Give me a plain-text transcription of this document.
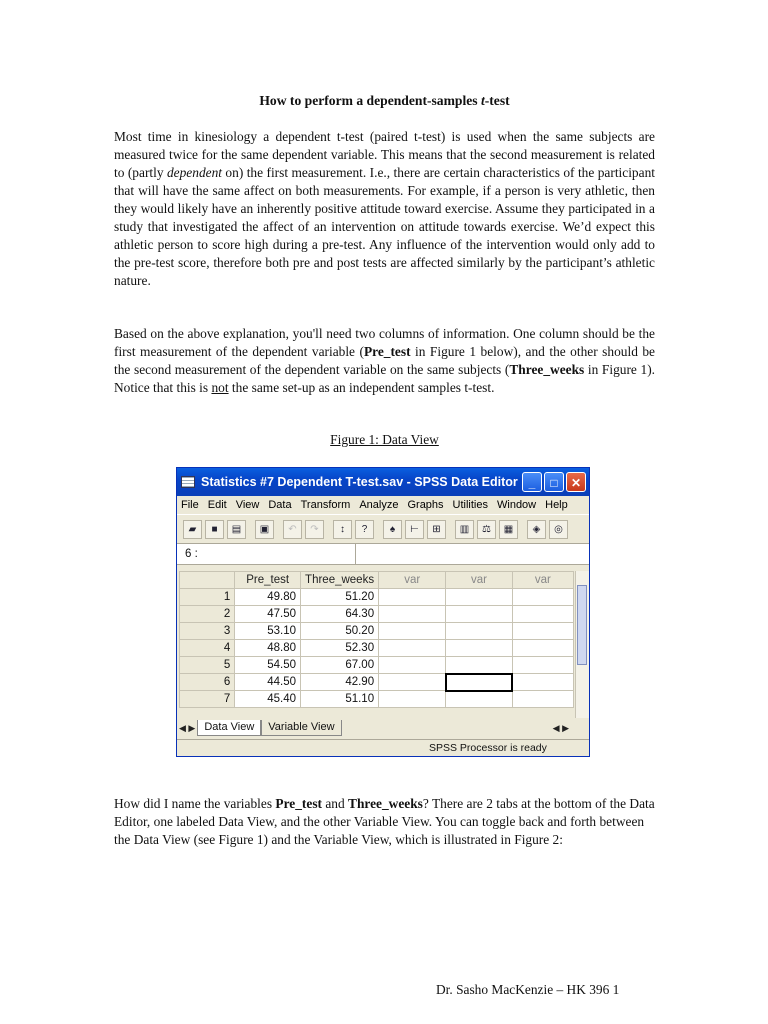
How to perform a dependent-samples t-test
Most time in kinesiology a dependent t-test (paired t-test) is used when the same subjects are measured twice for the same dependent variable. This means that the second measurement is related to (partly dependent on) the first measurement. I.e., there are certain characteristics of the participant that will have the same affect on both measurements. For example, if a person is very athletic, then they would likely have an inherently positive attitude toward exercise. Assume they participated in a study that investigated the affect of an intervention on attitude towards exercise. We’d expect this athletic person to score high during a pre-test. Any influence of the intervention would only add to the pre-test score, therefore both pre and post tests are affected similarly by the participant’s athletic nature.
Based on the above explanation, you'll need two columns of information. One column should be the first measurement of the dependent variable (Pre_test in Figure 1 below), and the other should be the second measurement of the dependent variable on the same subjects (Three_weeks in Figure 1). Notice that this is not the same set-up as an independent samples t-test.
Figure 1: Data View
How did I name the variables Pre_test and Three_weeks? There are 2 tabs at the bottom of the Data Editor, one labeled Data View, and the other Variable View. You can toggle back and forth between the Data View (see Figure 1) and the Variable View, which is illustrated in Figure 2:
Statistics #7 Dependent T-test.sav - SPSS Data Editor _	□	✕
File Edit View Data Transform Analyze Graphs Utilities Window Help
▰	■	▤	▣	↶	↷	↕	?	♠	⊢	⊞	▥	⚖	▦	◈	◎
6 :
	Pre_test	Three_weeks	var	var	var
1	49.80	51.20			
2	47.50	64.30			
3	53.10	50.20			
4	48.80	52.30			
5	54.50	67.00			
6	44.50	42.90			
7	45.40	51.10			
◀ ▶ Data View	Variable View	◀ ▶
SPSS Processor is ready
Dr. Sasho MacKenzie – HK 396 1
